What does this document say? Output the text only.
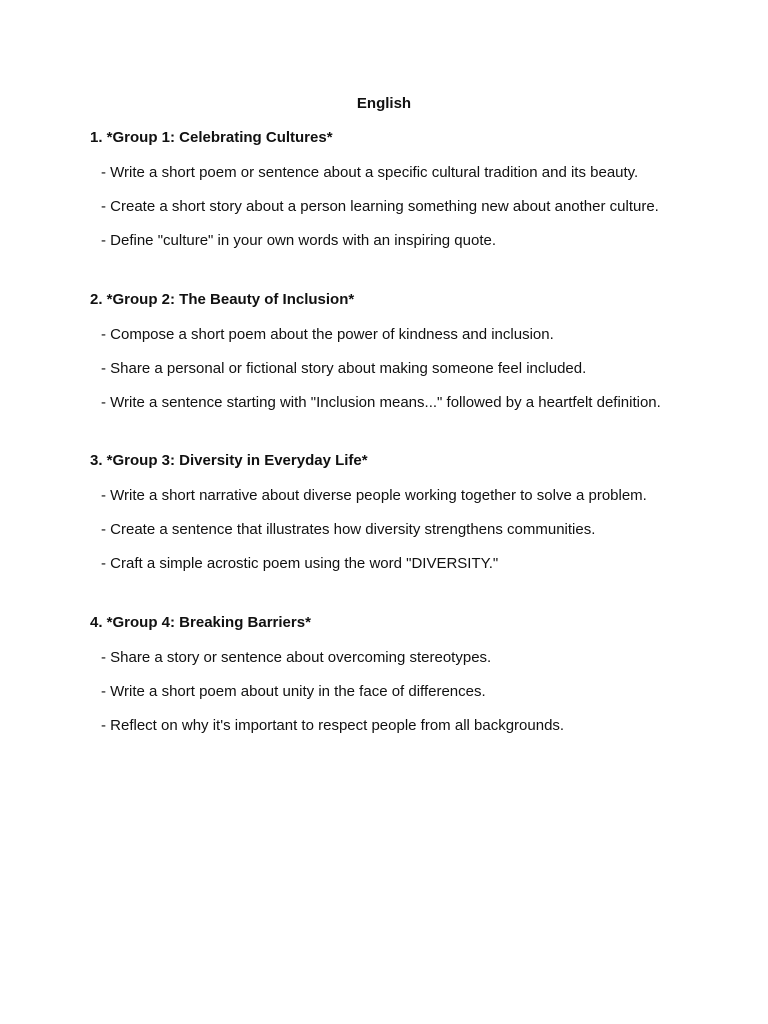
English
1. *Group 1: Celebrating Cultures*
- Write a short poem or sentence about a specific cultural tradition and its beauty.
- Create a short story about a person learning something new about another culture.
- Define "culture" in your own words with an inspiring quote.
2. *Group 2: The Beauty of Inclusion*
- Compose a short poem about the power of kindness and inclusion.
- Share a personal or fictional story about making someone feel included.
- Write a sentence starting with "Inclusion means..." followed by a heartfelt definition.
3. *Group 3: Diversity in Everyday Life*
- Write a short narrative about diverse people working together to solve a problem.
- Create a sentence that illustrates how diversity strengthens communities.
- Craft a simple acrostic poem using the word "DIVERSITY."
4. *Group 4: Breaking Barriers*
- Share a story or sentence about overcoming stereotypes.
- Write a short poem about unity in the face of differences.
- Reflect on why it's important to respect people from all backgrounds.
